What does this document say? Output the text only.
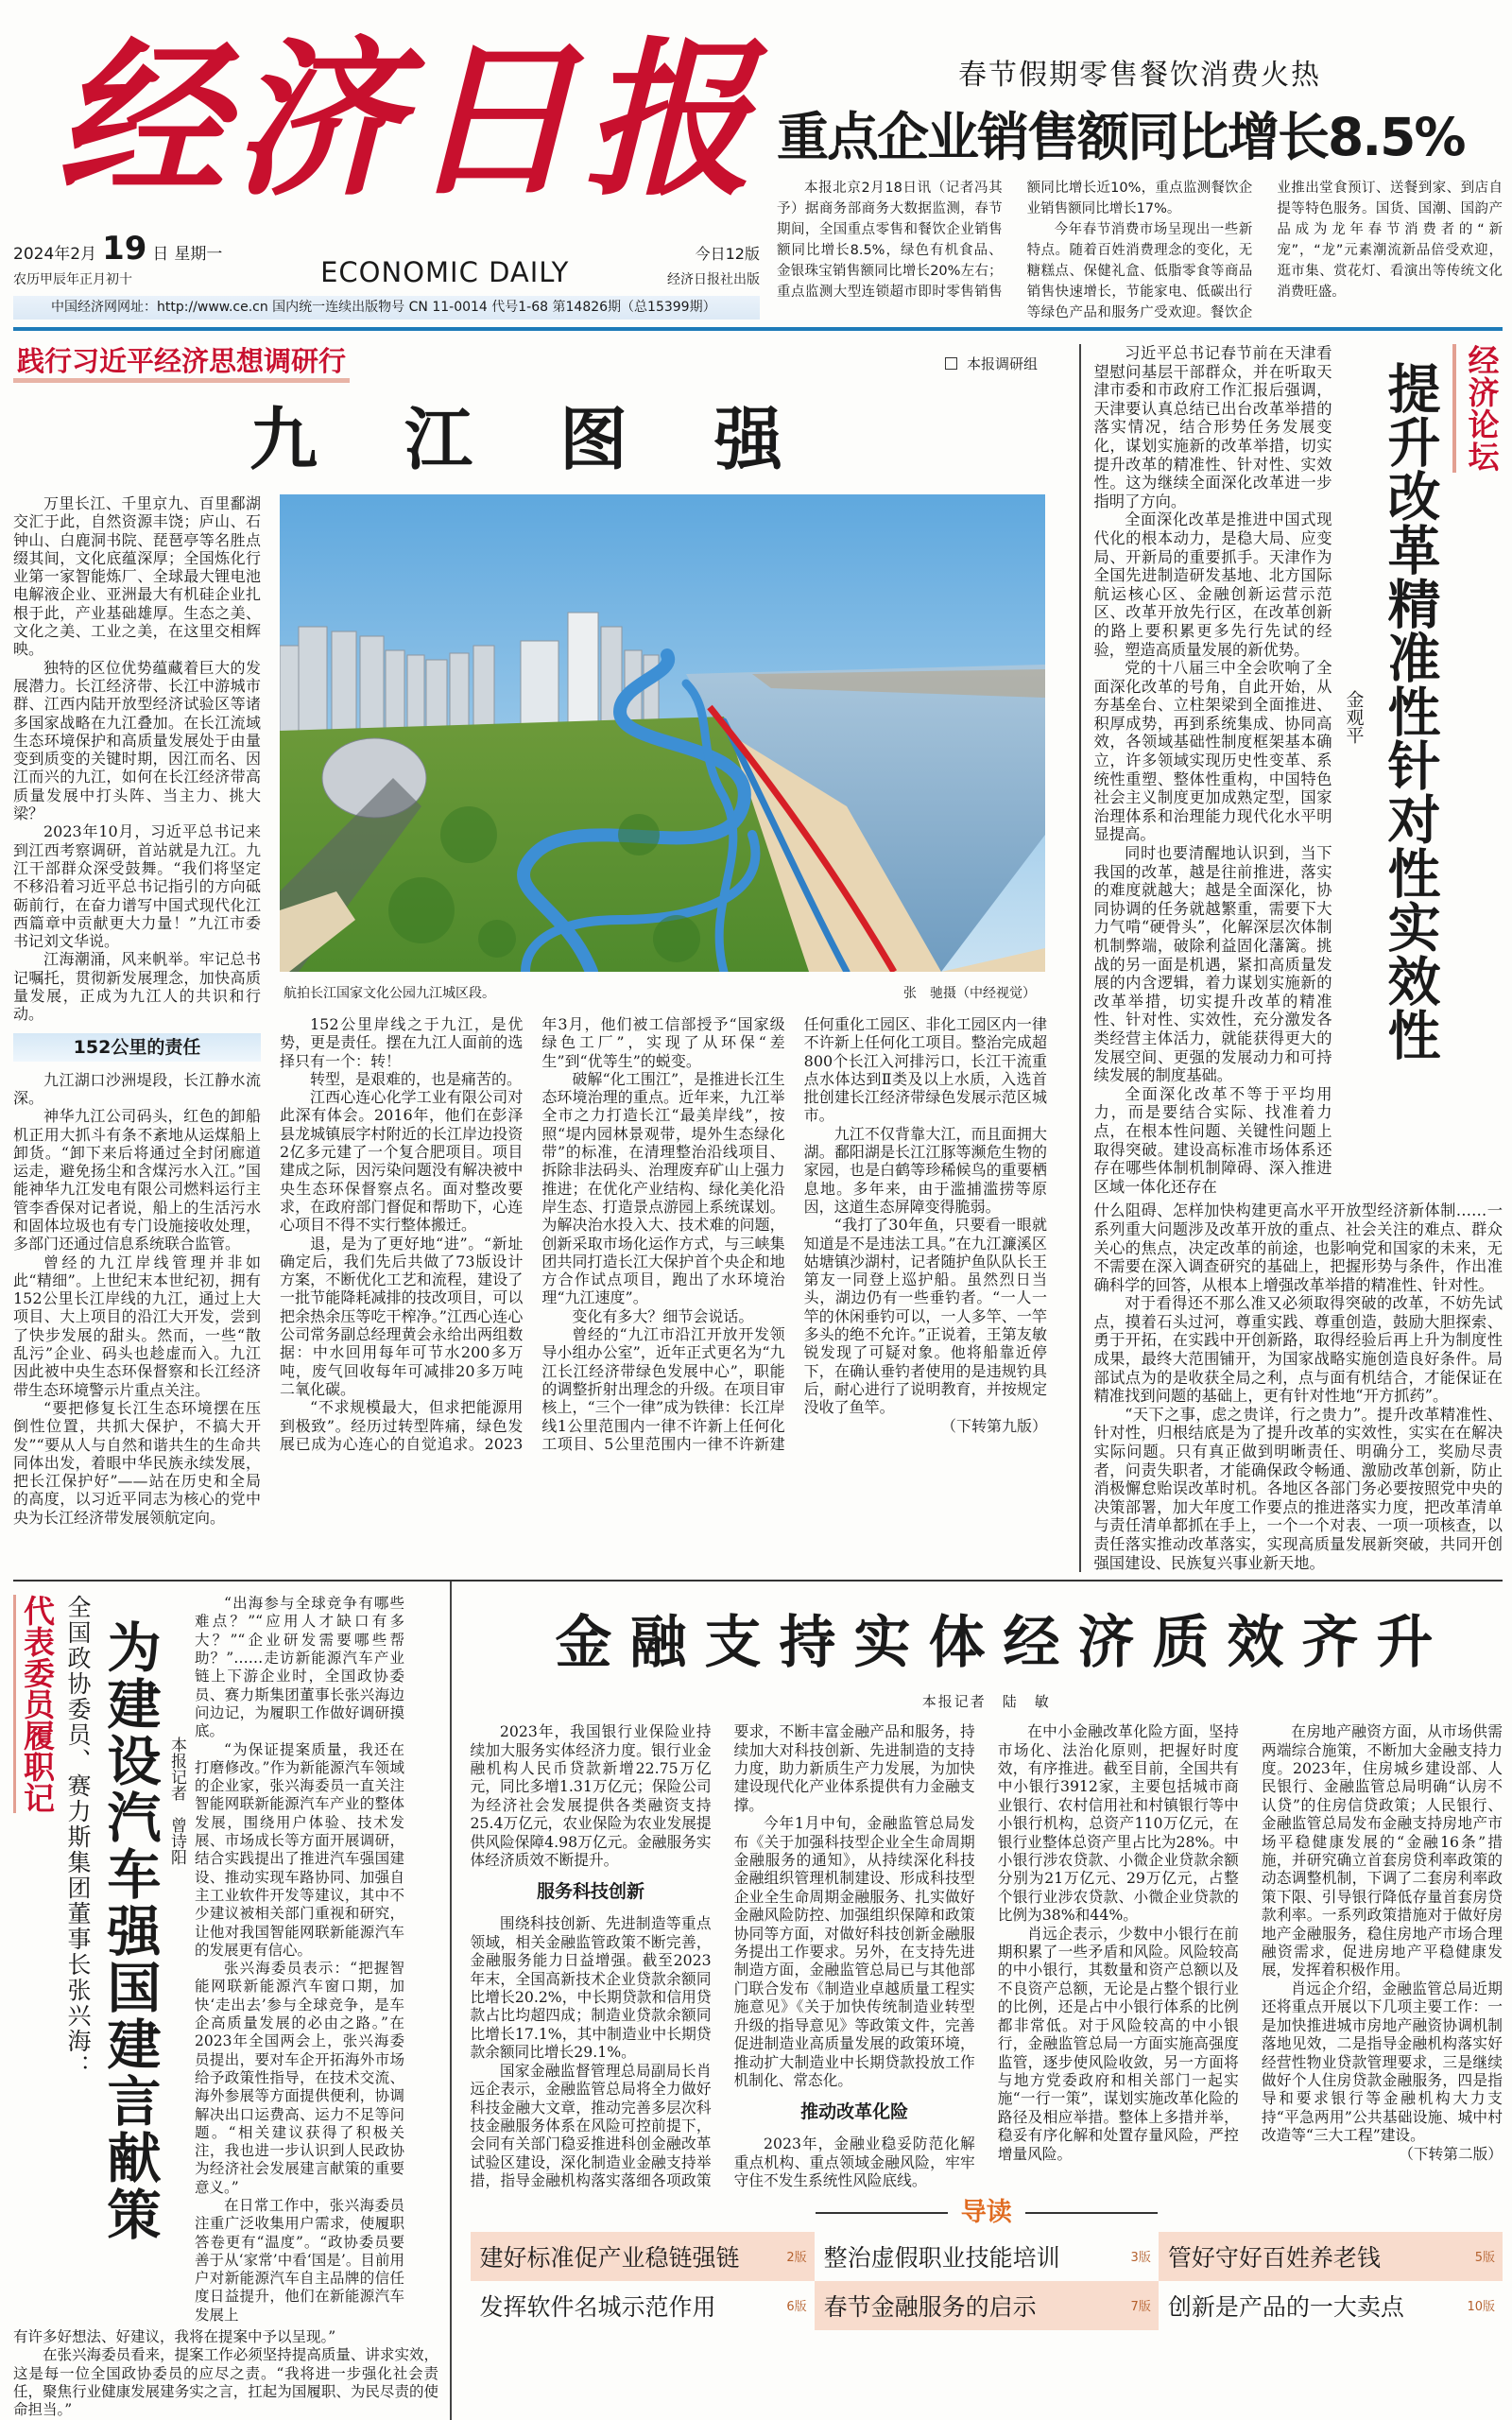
经济日报
2024年2月 19 日 星期一
农历甲辰年正月初十	ECONOMIC DAILY
今日12版
经济日报社出版
中国经济网网址：http://www.ce.cn 国内统一连续出版物号 CN 11-0014 代号1-68 第14826期（总15399期）
春节假期零售餐饮消费火热
重点企业销售额同比增长8.5%

本报北京2月18日讯（记者冯其予）据商务部商务大数据监测，春节期间，全国重点零售和餐饮企业销售额同比增长8.5%，绿色有机食品、金银珠宝销售额同比增长20%左右；重点监测大型连锁超市即时零售销售额同比增长近10%，重点监测餐饮企业销售额同比增长17%。

今年春节消费市场呈现出一些新特点。随着百姓消费理念的变化，无糖糕点、保健礼盒、低脂零食等商品销售快速增长，节能家电、低碳出行等绿色产品和服务广受欢迎。餐饮企业推出堂食预订、送餐到家、到店自提等特色服务。国货、国潮、国韵产品成为龙年春节消费者的“新宠”，“龙”元素潮流新品倍受欢迎，逛市集、赏花灯、看演出等传统文化消费旺盛。

践行习近平经济思想调研行	本报调研组
九江图强

万里长江、千里京九、百里鄱湖交汇于此，自然资源丰饶；庐山、石钟山、白鹿洞书院、琵琶亭等名胜点缀其间，文化底蕴深厚；全国炼化行业第一家智能炼厂、全球最大锂电池电解液企业、亚洲最大有机硅企业扎根于此，产业基础雄厚。生态之美、文化之美、工业之美，在这里交相辉映。

独特的区位优势蕴藏着巨大的发展潜力。长江经济带、长江中游城市群、江西内陆开放型经济试验区等诸多国家战略在九江叠加。在长江流域生态环境保护和高质量发展处于由量变到质变的关键时期，因江而名、因江而兴的九江，如何在长江经济带高质量发展中打头阵、当主力、挑大梁？

2023年10月，习近平总书记来到江西考察调研，首站就是九江。九江干部群众深受鼓舞。“我们将坚定不移沿着习近平总书记指引的方向砥砺前行，在奋力谱写中国式现代化江西篇章中贡献更大力量！”九江市委书记刘文华说。

江海潮涌，风来帆举。牢记总书记嘱托，贯彻新发展理念，加快高质量发展，正成为九江人的共识和行动。

152公里的责任

九江湖口沙洲堤段，长江静水流深。

神华九江公司码头，红色的卸船机正用大抓斗有条不紊地从运煤船上卸货。“卸下来后将通过全封闭廊道运走，避免扬尘和含煤污水入江。”国能神华九江发电有限公司燃料运行主管李香保对记者说，船上的生活污水和固体垃圾也有专门设施接收处理，多部门还通过信息系统联合监管。

曾经的九江岸线管理并非如此“精细”。上世纪末本世纪初，拥有152公里长江岸线的九江，通过上大项目、大上项目的沿江大开发，尝到了快步发展的甜头。然而，一些“散乱污”企业、码头也趁虚而入。九江因此被中央生态环保督察和长江经济带生态环境警示片重点关注。

“要把修复长江生态环境摆在压倒性位置，共抓大保护，不搞大开发”“要从人与自然和谐共生的生命共同体出发，着眼中华民族永续发展，把长江保护好”——站在历史和全局的高度，以习近平同志为核心的党中央为长江经济带发展领航定向。

航拍长江国家文化公园九江城区段。	张　驰摄（中经视觉）

152公里岸线之于九江，是优势，更是责任。摆在九江人面前的选择只有一个：转！

转型，是艰难的，也是痛苦的。

江西心连心化学工业有限公司对此深有体会。2016年，他们在彭泽县龙城镇辰字村附近的长江岸边投资2亿多元建了一个复合肥项目。项目建成之际，因污染问题没有解决被中央生态环保督察点名。面对整改要求，在政府部门督促和帮助下，心连心项目不得不实行整体搬迁。

退，是为了更好地“进”。“新址确定后，我们先后共做了73版设计方案，不断优化工艺和流程，建设了一批节能降耗减排的技改项目，可以把余热余压等吃干榨净。”江西心连心公司常务副总经理黄会永给出两组数据：中水回用每年可节水200多万吨，废气回收每年可减排20多万吨二氧化碳。

“不求规模最大，但求把能源用到极致”。经历过转型阵痛，绿色发展已成为心连心的自觉追求。2023年3月，他们被工信部授予“国家级绿色工厂”，实现了从环保“差生”到“优等生”的蜕变。

破解“化工围江”，是推进长江生态环境治理的重点。近年来，九江举全市之力打造长江“最美岸线”，按照“堤内园林景观带，堤外生态绿化带”的标准，在清理整治沿线项目、拆除非法码头、治理废弃矿山上强力推进；在优化产业结构、绿化美化沿岸生态、打造景点游园上系统谋划。为解决治水投入大、技术难的问题，创新采取市场化运作方式，与三峡集团共同打造长江大保护首个央企和地方合作试点项目，跑出了水环境治理“九江速度”。

变化有多大？细节会说话。

曾经的“九江市沿江开放开发领导小组办公室”，近年正式更名为“九江长江经济带绿色发展中心”，职能的调整折射出理念的升级。在项目审核上，“三个一律”成为铁律：长江岸线1公里范围内一律不许新上任何化工项目、5公里范围内一律不许新建任何重化工园区、非化工园区内一律不许新上任何化工项目。整治完成超800个长江入河排污口，长江干流重点水体达到Ⅱ类及以上水质，入选首批创建长江经济带绿色发展示范区城市。

九江不仅背靠大江，而且面拥大湖。鄱阳湖是长江江豚等濒危生物的家园，也是白鹤等珍稀候鸟的重要栖息地。多年来，由于滥捕滥捞等原因，这道生态屏障变得脆弱。

“我打了30年鱼，只要看一眼就知道是不是违法工具。”在九江濂溪区姑塘镇沙湖村，记者随护鱼队队长王第友一同登上巡护船。虽然烈日当头，湖边仍有一些垂钓者。“一人一竿的休闲垂钓可以，一人多竿、一竿多头的绝不允许。”正说着，王第友敏锐发现了可疑对象。他将船靠近停下，在确认垂钓者使用的是违规钓具后，耐心进行了说明教育，并按规定没收了鱼竿。

（下转第九版）

习近平总书记春节前在天津看望慰问基层干部群众，并在听取天津市委和市政府工作汇报后强调，天津要认真总结已出台改革举措的落实情况，结合形势任务发展变化，谋划实施新的改革举措，切实提升改革的精准性、针对性、实效性。这为继续全面深化改革进一步指明了方向。

全面深化改革是推进中国式现代化的根本动力，是稳大局、应变局、开新局的重要抓手。天津作为全国先进制造研发基地、北方国际航运核心区、金融创新运营示范区、改革开放先行区，在改革创新的路上要积累更多先行先试的经验，塑造高质量发展的新优势。

党的十八届三中全会吹响了全面深化改革的号角，自此开始，从夯基垒台、立柱架梁到全面推进、积厚成势，再到系统集成、协同高效，各领域基础性制度框架基本确立，许多领域实现历史性变革、系统性重塑、整体性重构，中国特色社会主义制度更加成熟定型，国家治理体系和治理能力现代化水平明显提高。

同时也要清醒地认识到，当下我国的改革，越是往前推进，落实的难度就越大；越是全面深化，协同协调的任务就越繁重，需要下大力气啃“硬骨头”，化解深层次体制机制弊端，破除利益固化藩篱。挑战的另一面是机遇，紧扣高质量发展的内含逻辑，着力谋划实施新的改革举措，切实提升改革的精准性、针对性、实效性，充分激发各类经营主体活力，就能获得更大的发展空间、更强的发展动力和可持续发展的制度基础。

全面深化改革不等于平均用力，而是要结合实际、找准着力点，在根本性问题、关键性问题上取得突破。建设高标准市场体系还存在哪些体制机制障碍、深入推进区域一体化还存在

金观平 提升改革精准性针对性实效性 经济论坛

什么阻碍、怎样加快构建更高水平开放型经济新体制……一系列重大问题涉及改革开放的重点、社会关注的难点、群众关心的焦点，决定改革的前途，也影响党和国家的未来，无不需要在深入调查研究的基础上，把握形势与条件，作出准确科学的回答，从根本上增强改革举措的精准性、针对性。

对于看得还不那么准又必须取得突破的改革，不妨先试点，摸着石头过河，尊重实践、尊重创造，鼓励大胆探索、勇于开拓，在实践中开创新路，取得经验后再上升为制度性成果，最终大范围铺开，为国家战略实施创造良好条件。局部试点为的是收获全局之利，点与面有机结合，才能保证在精准找到问题的基础上，更有针对性地“开方抓药”。

“天下之事，虑之贵详，行之贵力”。提升改革精准性、针对性，归根结底是为了提升改革的实效性，实实在在解决实际问题。只有真正做到明晰责任、明确分工，奖励尽责者，问责失职者，才能确保政令畅通、激励改革创新，防止消极懈怠贻误改革时机。各地区各部门务必要按照党中央的决策部署，加大年度工作要点的推进落实力度，把改革清单与责任清单都抓在手上，一个一个对表、一项一项核查，以责任落实推动改革落实，实现高质量发展新突破，共同开创强国建设、民族复兴事业新天地。

代表委员履职记 全国政协委员、赛力斯集团董事长张兴海： 为建设汽车强国建言献策 本报记者　曾诗阳

“出海参与全球竞争有哪些难点？”“应用人才缺口有多大？”“企业研发需要哪些帮助？”……走访新能源汽车产业链上下游企业时，全国政协委员、赛力斯集团董事长张兴海边问边记，为履职工作做好调研摸底。

“为保证提案质量，我还在打磨修改。”作为新能源汽车领域的企业家，张兴海委员一直关注智能网联新能源汽车产业的整体发展，围绕用户体验、技术发展、市场成长等方面开展调研，结合实践提出了推进汽车强国建设、推动实现车路协同、加强自主工业软件开发等建议，其中不少建议被相关部门重视和研究，让他对我国智能网联新能源汽车的发展更有信心。

张兴海委员表示：“把握智能网联新能源汽车窗口期，加快‘走出去’参与全球竞争，是车企高质量发展的必由之路。”在2023年全国两会上，张兴海委员提出，要对车企开拓海外市场给予政策性指导，在技术交流、海外参展等方面提供便利，协调解决出口运费高、运力不足等问题。“相关建议获得了积极关注，我也进一步认识到人民政协为经济社会发展建言献策的重要意义。”

在日常工作中，张兴海委员注重广泛收集用户需求，使履职答卷更有“温度”。“政协委员要善于从‘家常’中看‘国是’。目前用户对新能源汽车自主品牌的信任度日益提升，他们在新能源汽车发展上

有许多好想法、好建议，我将在提案中予以呈现。”

在张兴海委员看来，提案工作必须坚持提高质量、讲求实效，这是每一位全国政协委员的应尽之责。“我将进一步强化社会责任，聚焦行业健康发展建务实之言，扛起为国履职、为民尽责的使命担当。”

金融支持实体经济质效齐升
本报记者　陆　敏

2023年，我国银行业保险业持续加大服务实体经济力度。银行业金融机构人民币贷款新增22.75万亿元，同比多增1.31万亿元；保险公司为经济社会发展提供各类融资支持25.4万亿元，农业保险为农业发展提供风险保障4.98万亿元。金融服务实体经济质效不断提升。

服务科技创新

围绕科技创新、先进制造等重点领域，相关金融监管政策不断完善，金融服务能力日益增强。截至2023年末，全国高新技术企业贷款余额同比增长20.2%，中长期贷款和信用贷款占比均超四成；制造业贷款余额同比增长17.1%，其中制造业中长期贷款余额同比增长29.1%。

国家金融监督管理总局副局长肖远企表示，金融监管总局将全力做好科技金融大文章，推动完善多层次科技金融服务体系在风险可控前提下，会同有关部门稳妥推进科创金融改革试验区建设，深化制造业金融支持举措，指导金融机构落实落细各项政策要求，不断丰富金融产品和服务，持续加大对科技创新、先进制造的支持力度，助力新质生产力发展，为加快建设现代化产业体系提供有力金融支撑。

今年1月中旬，金融监管总局发布《关于加强科技型企业全生命周期金融服务的通知》，从持续深化科技金融组织管理机制建设、形成科技型企业全生命周期金融服务、扎实做好金融风险防控、加强组织保障和政策协同等方面，对做好科技创新金融服务提出工作要求。另外，在支持先进制造方面，金融监管总局已与其他部门联合发布《制造业卓越质量工程实施意见》《关于加快传统制造业转型升级的指导意见》等政策文件，完善促进制造业高质量发展的政策环境，推动扩大制造业中长期贷款投放工作机制化、常态化。

推动改革化险

2023年，金融业稳妥防范化解重点机构、重点领域金融风险，牢牢守住不发生系统性风险底线。

在中小金融改革化险方面，坚持市场化、法治化原则，把握好时度效，有序推进。截至目前，全国共有中小银行3912家，主要包括城市商业银行、农村信用社和村镇银行等中小银行机构，总资产110万亿元，在银行业整体总资产里占比为28%。中小银行涉农贷款、小微企业贷款余额分别为21万亿元、29万亿元，占整个银行业涉农贷款、小微企业贷款的比例为38%和44%。

肖远企表示，少数中小银行在前期积累了一些矛盾和风险。风险较高的中小银行，其数量和资产总额以及不良资产总额，无论是占整个银行业的比例，还是占中小银行体系的比例都非常低。对于风险较高的中小银行，金融监管总局一方面实施高强度监管，逐步使风险收敛，另一方面将与地方党委政府和相关部门一起实施“一行一策”，谋划实施改革化险的路径及相应举措。整体上多措并举，稳妥有序化解和处置存量风险，严控增量风险。

在房地产融资方面，从市场供需两端综合施策，不断加大金融支持力度。2023年，住房城乡建设部、人民银行、金融监管总局明确“认房不认贷”的住房信贷政策；人民银行、金融监管总局发布金融支持房地产市场平稳健康发展的“金融16条”措施，并研究确立首套房贷利率政策的动态调整机制，下调了二套房利率政策下限、引导银行降低存量首套房贷款利率。一系列政策措施对于做好房地产金融服务，稳住房地产市场合理融资需求，促进房地产平稳健康发展，发挥着积极作用。

肖远企介绍，金融监管总局近期还将重点开展以下几项主要工作：一是加快推进城市房地产融资协调机制落地见效，二是指导金融机构落实好经营性物业贷款管理要求，三是继续做好个人住房贷款金融服务，四是指导和要求银行等金融机构大力支持“平急两用”公共基础设施、城中村改造等“三大工程”建设。

（下转第二版）

导读
建好标准促产业稳链强链	2版 整治虚假职业技能培训	3版 管好守好百姓养老钱	5版
发挥软件名城示范作用	6版 春节金融服务的启示	7版 创新是产品的一大卖点	10版
